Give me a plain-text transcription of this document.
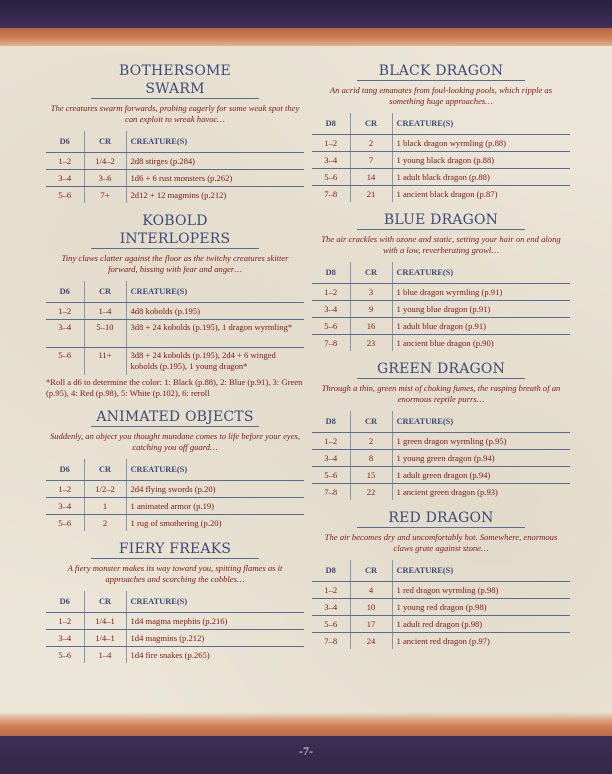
-7-
BOTHERSOME SWARM
The creatures swarm forwards, probing eagerly for some weak spot they can exploit to wreak havoc…
D6	CR	CREATURE(S)
1–2	1/4–2	2d8 stirges (p.284)
3–4	3–6	1d6 + 6 rust monsters (p.262)
5–6	7+	2d12 + 12 magmins (p.212)
KOBOLD INTERLOPERS
Tiny claws clatter against the floor as the twitchy creatures skitter forward, hissing with fear and anger…
D6	CR	CREATURE(S)
1–2	1–4	4d8 kobolds (p.195)
3–4	5–10	3d8 + 24 kobolds (p.195), 1 dragon wyrmling*
5–6	11+	3d8 + 24 kobolds (p.195), 2d4 + 6 winged kobolds (p.195), 1 young dragon*
*Roll a d6 to determine the color: 1: Black (p.88), 2: Blue (p.91), 3: Green (p.95), 4: Red (p.98), 5: White (p.102), 6: reroll
ANIMATED OBJECTS
Suddenly, an object you thought mundane comes to life before your eyes, catching you off guard…
D6	CR	CREATURE(S)
1–2	1/2–2	2d4 flying swords (p.20)
3–4	1	1 animated armor (p.19)
5–6	2	1 rug of smothering (p.20)
FIERY FREAKS
A fiery monster makes its way toward you, spitting flames as it approaches and scorching the cobbles…
D6	CR	CREATURE(S)
1–2	1/4–1	1d4 magma mephits (p.216)
3–4	1/4–1	1d4 magmins (p.212)
5–6	1–4	1d4 fire snakes (p.265)
BLACK DRAGON
An acrid tang emanates from foul-looking pools, which ripple as something huge approaches…
D8	CR	CREATURE(S)
1–2	2	1 black dragon wyrmling (p.88)
3–4	7	1 young black dragon (p.88)
5–6	14	1 adult black dragon (p.88)
7–8	21	1 ancient black dragon (p.87)
BLUE DRAGON
The air crackles with ozone and static, setting your hair on end along with a low, reverberating growl…
D8	CR	CREATURE(S)
1–2	3	1 blue dragon wyrmling (p.91)
3–4	9	1 young blue dragon (p.91)
5–6	16	1 adult blue dragon (p.91)
7–8	23	1 ancient blue dragon (p.90)
GREEN DRAGON
Through a thin, green mist of choking fumes, the rasping breath of an enormous reptile purrs…
D8	CR	CREATURE(S)
1–2	2	1 green dragon wyrmling (p.95)
3–4	8	1 young green dragon (p.94)
5–6	15	1 adult green dragon (p.94)
7–8	22	1 ancient green dragon (p.93)
RED DRAGON
The air becomes dry and uncomfortably hot. Somewhere, enormous claws grate against stone…
D8	CR	CREATURE(S)
1–2	4	1 red dragon wyrmling (p.98)
3–4	10	1 young red dragon (p.98)
5–6	17	1 adult red dragon (p.98)
7–8	24	1 ancient red dragon (p.97)
